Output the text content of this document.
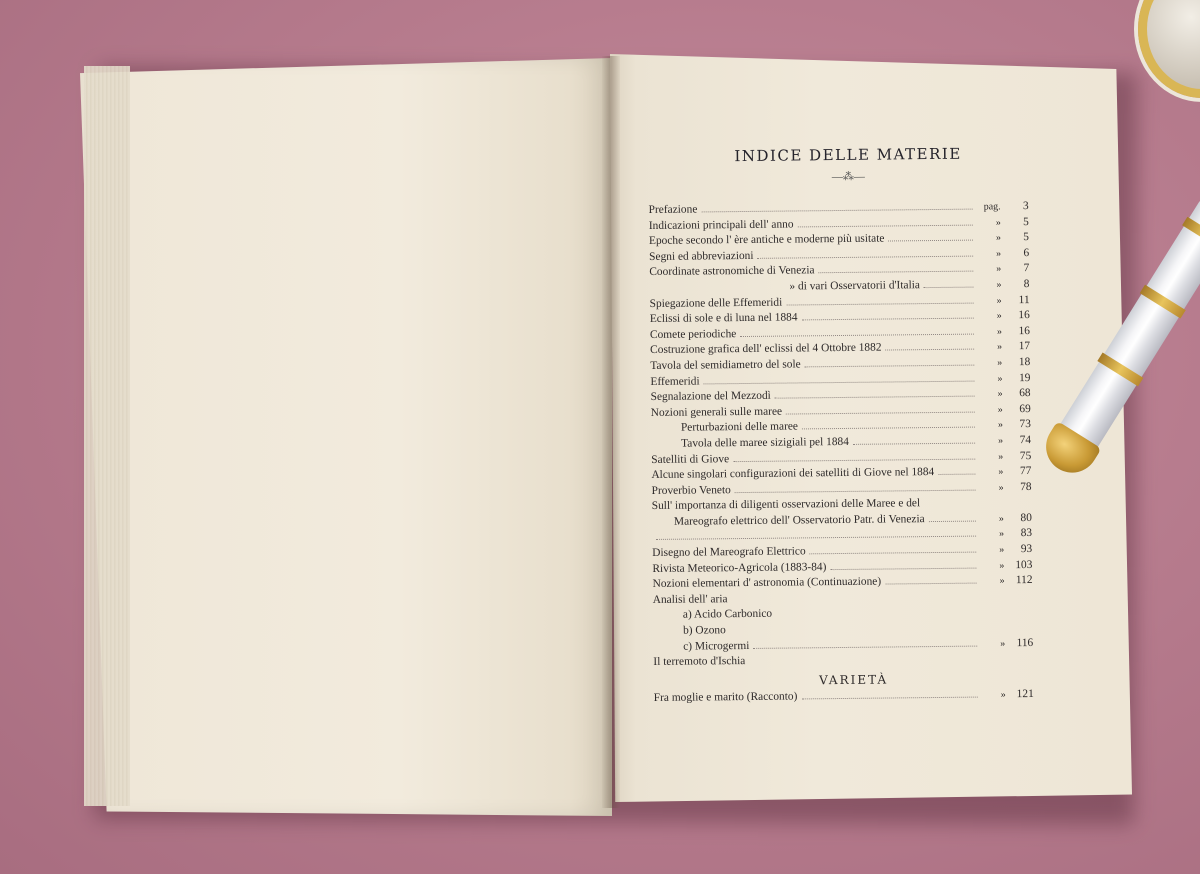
INDICE DELLE MATERIE
—⁂—
Prefazione	pag.	3
Indicazioni principali dell' anno	»	5
Epoche secondo l' ère antiche e moderne più usitate	»	5
Segni ed abbreviazioni	»	6
Coordinate astronomiche di Venezia	»	7
» di vari Osservatorii d'Italia	»	8
Spiegazione delle Effemeridi	»	11
Eclissi di sole e di luna nel 1884	»	16
Comete periodiche	»	16
Costruzione grafica dell' eclissi del 4 Ottobre 1882	»	17
Tavola del semidiametro del sole	»	18
Effemeridi	»	19
Segnalazione del Mezzodì	»	68
Nozioni generali sulle maree	»	69
Perturbazioni delle maree	»	73
Tavola delle maree sizigiali pel 1884	»	74
Satelliti di Giove	»	75
Alcune singolari configurazioni dei satelliti di Giove nel 1884	»	77
Proverbio Veneto	»	78
Sull' importanza di diligenti osservazioni delle Maree e del
Mareografo elettrico dell' Osservatorio Patr. di Venezia	»	80
»	83
Disegno del Mareografo Elettrico	»	93
Rivista Meteorico-Agricola (1883-84)	» 103
Nozioni elementari d' astronomia (Continuazione)	» 112
Analisi dell' aria
a) Acido Carbonico
b) Ozono
c) Microgermi	» 116
Il terremoto d'Ischia
VARIETÀ
Fra moglie e marito (Racconto)	» 121
